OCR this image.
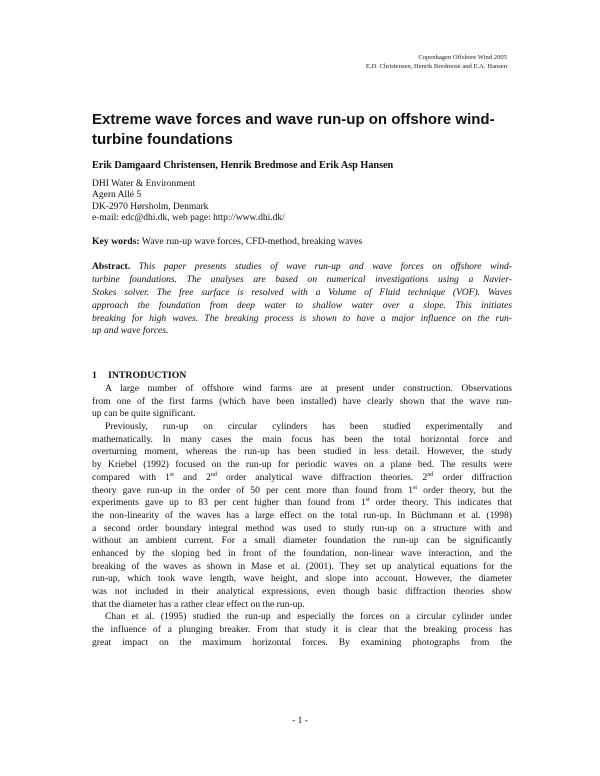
Copenhagen Offshore Wind 2005
E.D. Christensen, Henrik Bredmose and E.A. Hansen
Extreme wave forces and wave run-up on offshore wind-turbine foundations
Erik Damgaard Christensen, Henrik Bredmose and Erik Asp Hansen
DHI Water & Environment
Agern Allé 5
DK-2970 Hørsholm, Denmark
e-mail: edc@dhi.dk, web page: http://www.dhi.dk/
Key words: Wave run-up wave forces, CFD-method, breaking waves
Abstract. This paper presents studies of wave run-up and wave forces on offshore wind-
turbine foundations. The analyses are based on numerical investigations using a Navier-
Stokes solver. The free surface is resolved with a Volume of Fluid technique (VOF). Waves
approach the foundation from deep water to shallow water over a slope. This initiates
breaking for high waves. The breaking process is shown to have a major influence on the run-
up and wave forces.
1 INTRODUCTION
A large number of offshore wind farms are at present under construction. Observations
from one of the first farms (which have been installed) have clearly shown that the wave run-
up can be quite significant.
Previously, run-up on circular cylinders has been studied experimentally and
mathematically. In many cases the main focus has been the total horizontal force and
overturning moment, whereas the run-up has been studied in less detail. However, the study
by Kriebel (1992) focused on the run-up for periodic waves on a plane bed. The results were
compared with 1st and 2nd order analytical wave diffraction theories. 2nd order diffraction
theory gave run-up in the order of 50 per cent more than found from 1st order theory, but the
experiments gave up to 83 per cent higher than found from 1st order theory. This indicates that
the non-linearity of the waves has a large effect on the total run-up. In Büchmann et al. (1998)
a second order boundary integral method was used to study run-up on a structure with and
without an ambient current. For a small diameter foundation the run-up can be significantly
enhanced by the sloping bed in front of the foundation, non-linear wave interaction, and the
breaking of the waves as shown in Mase et al. (2001). They set up analytical equations for the
run-up, which took wave length, wave height, and slope into account. However, the diameter
was not included in their analytical expressions, even though basic diffraction theories show
that the diameter has a rather clear effect on the run-up.
Chan et al. (1995) studied the run-up and especially the forces on a circular cylinder under
the influence of a plunging breaker. From that study it is clear that the breaking process has
great impact on the maximum horizontal forces. By examining photographs from the
- 1 -
